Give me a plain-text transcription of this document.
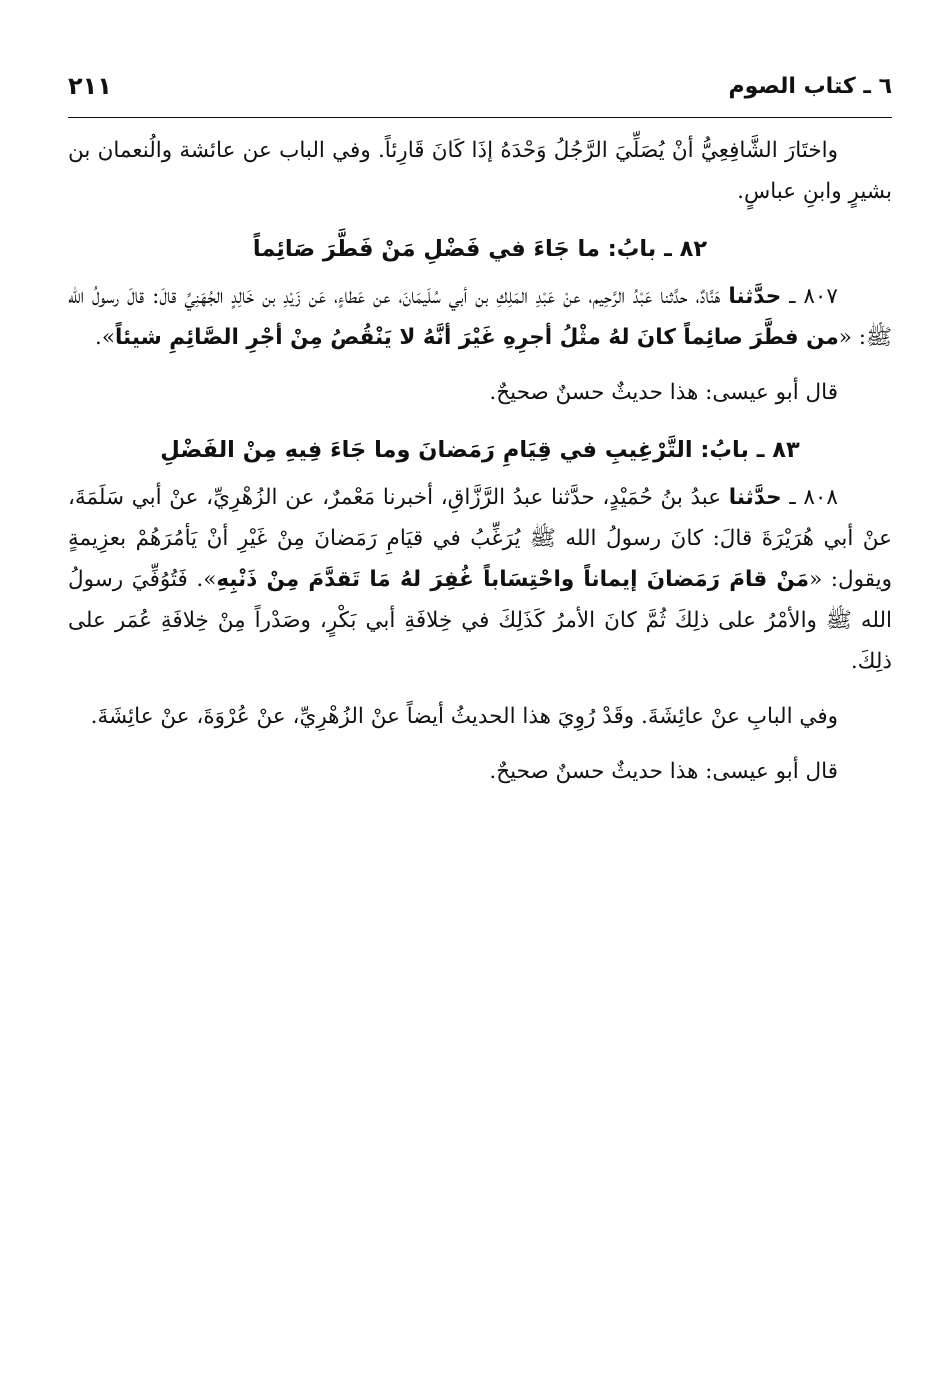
٦ ـ كتاب الصوم
٢١١

واختَارَ الشَّافِعِيُّ أنْ يُصَلِّيَ الرَّجُلُ وَحْدَهُ إذَا كَانَ قَارِئاً. وفي الباب عن عائشة والُنعمان بن بشيرٍ وابنِ عباسٍ.

٨٢ ـ بابُ: ما جَاءَ في فَضْلِ مَنْ فَطَّرَ صَائِماً

٨٠٧ ـ حدَّثنا هَنَّادٌ، حدَّثنا عَبْدُ الرَّحِيم، عنْ عَبْدِ المَلِكِ بن أبي سُلَيمَانَ، عن عَطاءٍ، عَن زَيْدِ بن خَالِدٍ الجُهَنِيِّ قالَ: قالَ رسولُ الله ﷺ: «من فطَّرَ صائِماً كانَ لهُ مثْلُ أجرِهِ غَيْرَ أنَّهُ لا يَنْقُصُ مِنْ أجْرِ الصَّائِمِ شيئاً».

قال أبو عيسى: هذا حديثٌ حسنٌ صحيحٌ.

٨٣ ـ بابُ: التَّرْغِيبِ في قِيَامِ رَمَضانَ وما جَاءَ فِيهِ مِنْ الفَضْلِ

٨٠٨ ـ حدَّثنا عبدُ بنُ حُمَيْدٍ، حدَّثنا عبدُ الرَّزَّاقِ، أخبرنا مَعْمرٌ، عن الزُهْرِيِّ، عنْ أبي سَلَمَةَ، عنْ أبي هُرَيْرَةَ قالَ: كانَ رسولُ الله ﷺ يُرَغِّبُ في قيَامِ رَمَضانَ مِنْ غَيْرِ أنْ يَأمُرَهُمْ بعزِيمةٍ ويقول: «مَنْ قامَ رَمَضانَ إيماناً واحْتِسَاباً غُفِرَ لهُ مَا تَقدَّمَ مِنْ ذَنْبِهِ». فَتُوُفِّيَ رسولُ الله ﷺ والأمْرُ على ذلِكَ ثُمَّ كانَ الأمرُ كَذَلِكَ في خِلافَةِ أبي بَكْرٍ، وصَدْراً مِنْ خِلافَةِ عُمَر على ذلِكَ.

وفي البابِ عنْ عائِشَةَ. وقَدْ رُوِيَ هذا الحديثُ أيضاً عنْ الزُهْرِيِّ، عنْ عُرْوَةَ، عنْ عائِشَةَ.

قال أبو عيسى: هذا حديثٌ حسنٌ صحيحٌ.
